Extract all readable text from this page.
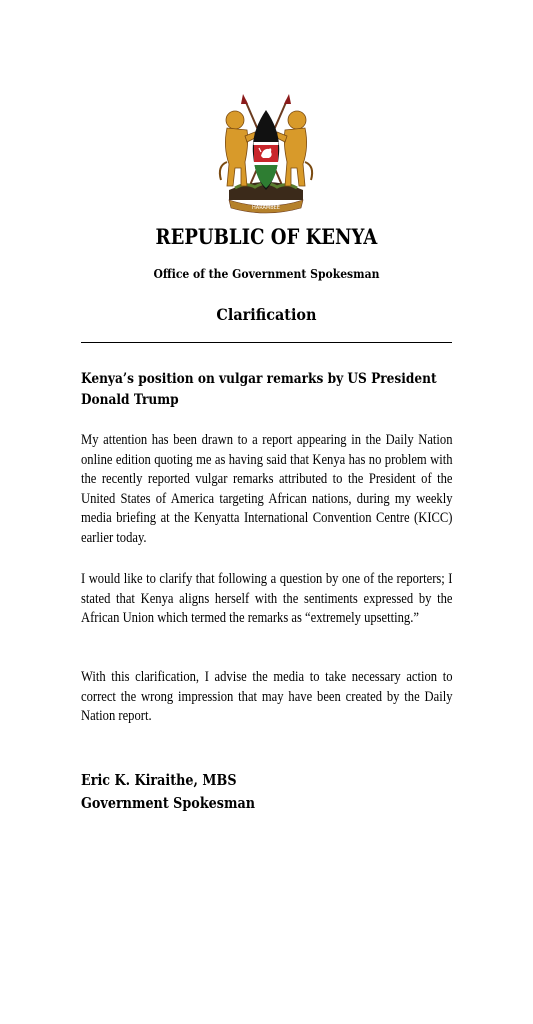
HARAMBEE
REPUBLIC OF KENYA
Office of the Government Spokesman
Clarification
Kenya’s position on vulgar remarks by US President Donald Trump
My attention has been drawn to a report appearing in the Daily Nation online edition quoting me as having said that Kenya has no problem with the recently reported vulgar remarks attributed to the President of the United States of America targeting African nations, during my weekly media briefing at the Kenyatta International Convention Centre (KICC) earlier today.
I would like to clarify that following a question by one of the reporters; I stated that Kenya aligns herself with the sentiments expressed by the African Union which termed the remarks as “extremely upsetting.”
With this clarification, I advise the media to take necessary action to correct the wrong impression that may have been created by the Daily Nation report.
Eric K. Kiraithe, MBS
Government Spokesman
